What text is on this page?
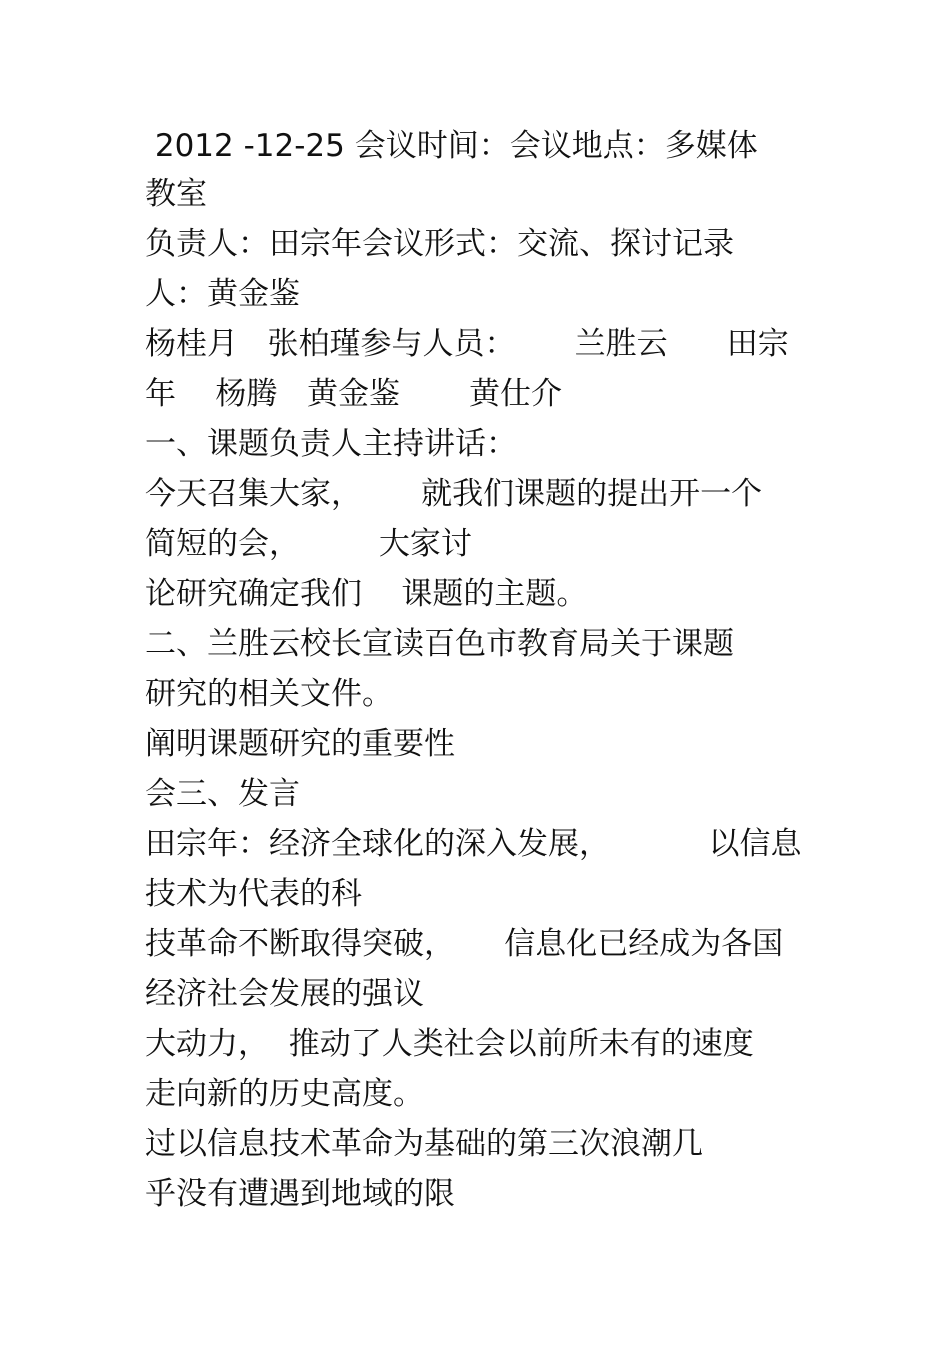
2012 -12-25 会议时间：会议地点：多媒体
教室
负责人：田宗年会议形式：交流、探讨记录
人：黄金鉴
杨桂月   张柏瑾参与人员：      兰胜云      田宗
年    杨腾   黄金鉴       黄仕介
一、课题负责人主持讲话：
今天召集大家，      就我们课题的提出开一个
简短的会，        大家讨
论研究确定我们    课题的主题。
二、兰胜云校长宣读百色市教育局关于课题
研究的相关文件。
阐明课题研究的重要性
会三、发言
田宗年：经济全球化的深入发展，          以信息
技术为代表的科
技革命不断取得突破，     信息化已经成为各国
经济社会发展的强议
大动力，  推动了人类社会以前所未有的速度
走向新的历史高度。
过以信息技术革命为基础的第三次浪潮几
乎没有遭遇到地域的限
